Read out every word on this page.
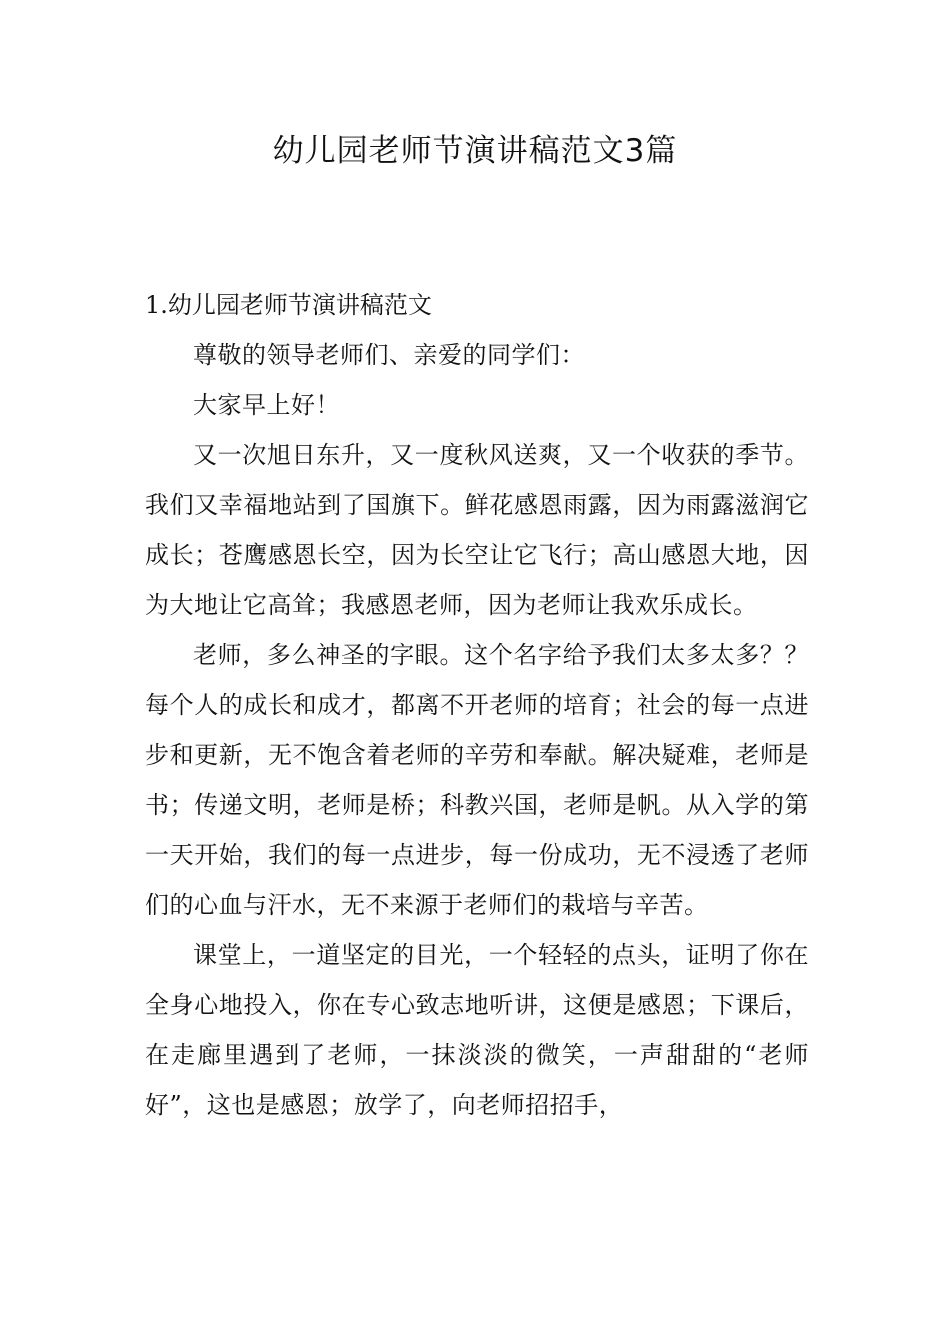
幼儿园老师节演讲稿范文3篇
1.幼儿园老师节演讲稿范文

尊敬的领导老师们、亲爱的同学们：

大家早上好！

又一次旭日东升，又一度秋风送爽，又一个收获的季节。我们又幸福地站到了国旗下。鲜花感恩雨露，因为雨露滋润它成长；苍鹰感恩长空，因为长空让它飞行；高山感恩大地，因为大地让它高耸；我感恩老师，因为老师让我欢乐成长。

老师，多么神圣的字眼。这个名字给予我们太多太多？？每个人的成长和成才，都离不开老师的培育；社会的每一点进步和更新，无不饱含着老师的辛劳和奉献。解决疑难，老师是书；传递文明，老师是桥；科教兴国，老师是帆。从入学的第一天开始，我们的每一点进步，每一份成功，无不浸透了老师们的心血与汗水，无不来源于老师们的栽培与辛苦。

课堂上，一道坚定的目光，一个轻轻的点头，证明了你在全身心地投入，你在专心致志地听讲，这便是感恩；下课后，在走廊里遇到了老师，一抹淡淡的微笑，一声甜甜的“老师好”，这也是感恩；放学了，向老师招招手，
